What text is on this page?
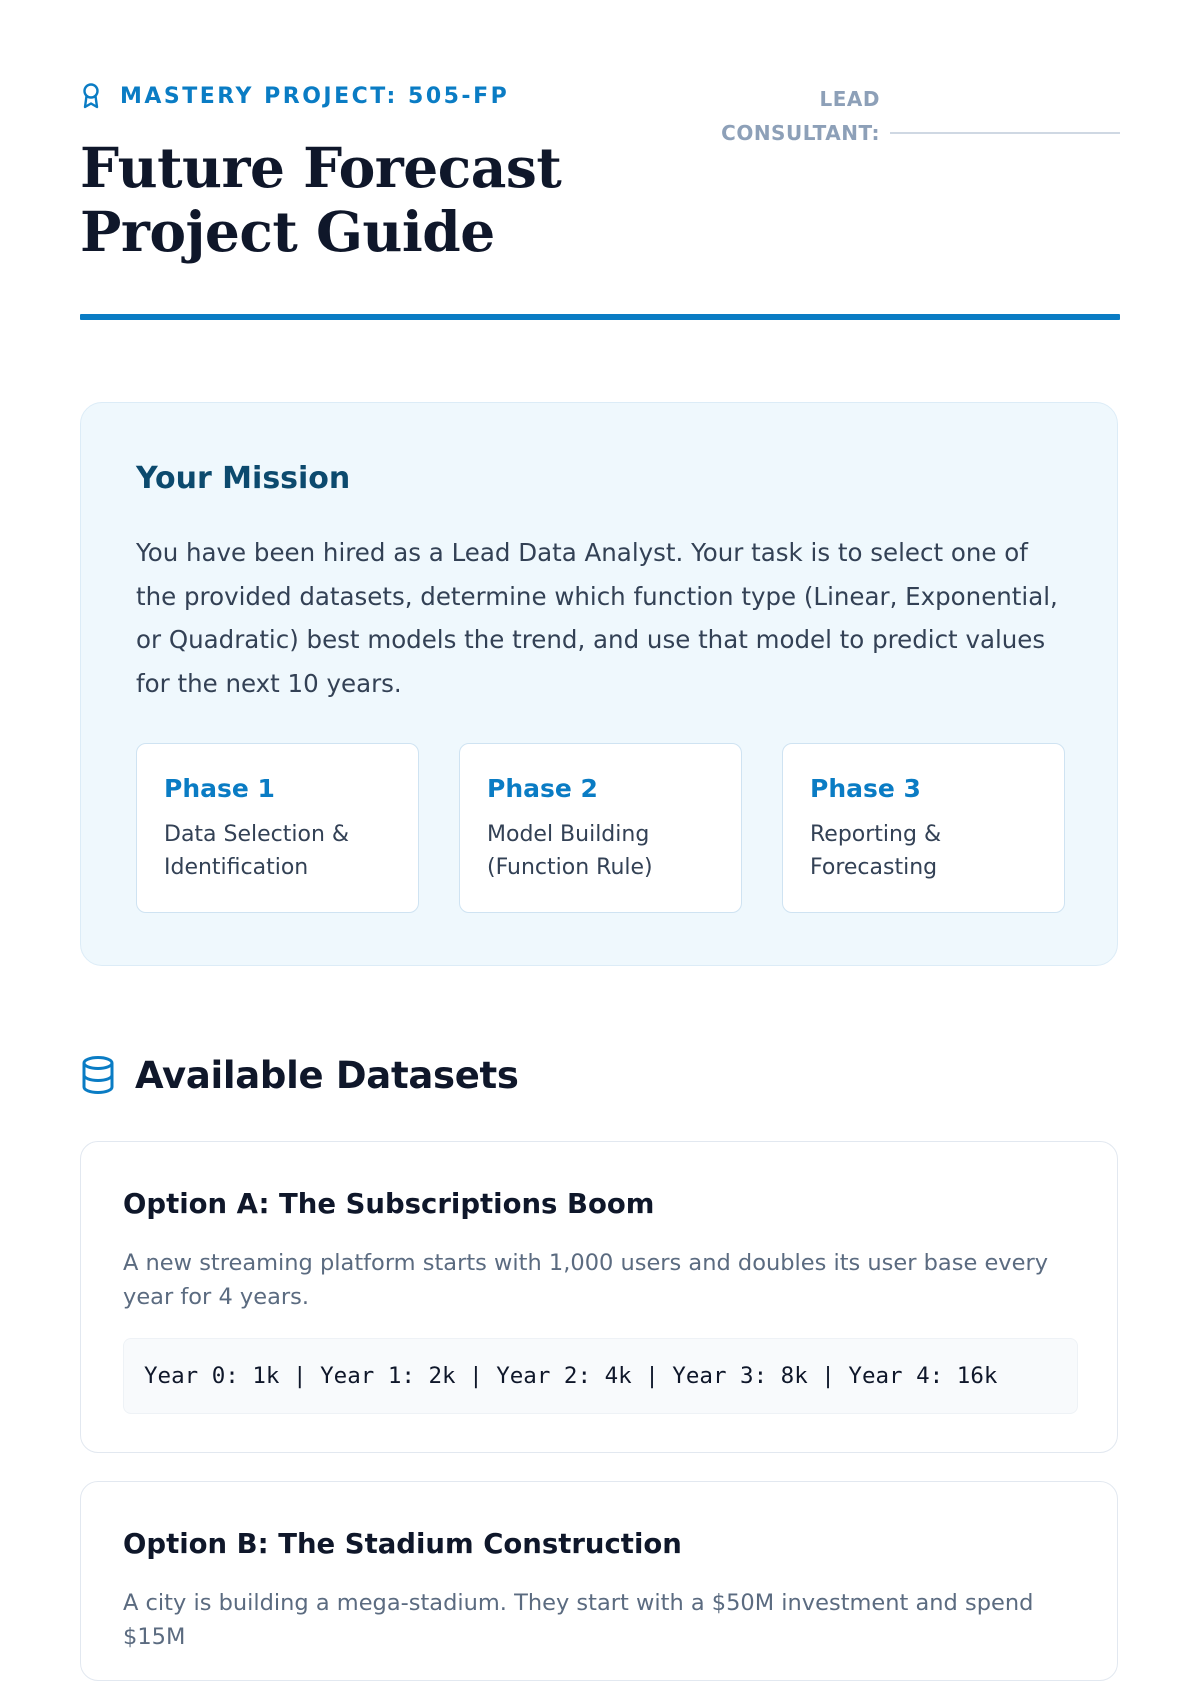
MASTERY PROJECT: 505-FP
Future Forecast
Project Guide
LEAD
CONSULTANT:
Your Mission

You have been hired as a Lead Data Analyst. Your task is to select one of the provided datasets, determine which function type (Linear, Exponential, or Quadratic) best models the trend, and use that model to predict values for the next 10 years.

Phase 1
Data Selection & Identification
Phase 2
Model Building (Function Rule)
Phase 3
Reporting & Forecasting
Available Datasets
Option A: The Subscriptions Boom

A new streaming platform starts with 1,000 users and doubles its user base every year for 4 years.

Year 0: 1k | Year 1: 2k | Year 2: 4k | Year 3: 8k | Year 4: 16k
Option B: The Stadium Construction

A city is building a mega-stadium. They start with a $50M investment and spend $15M
